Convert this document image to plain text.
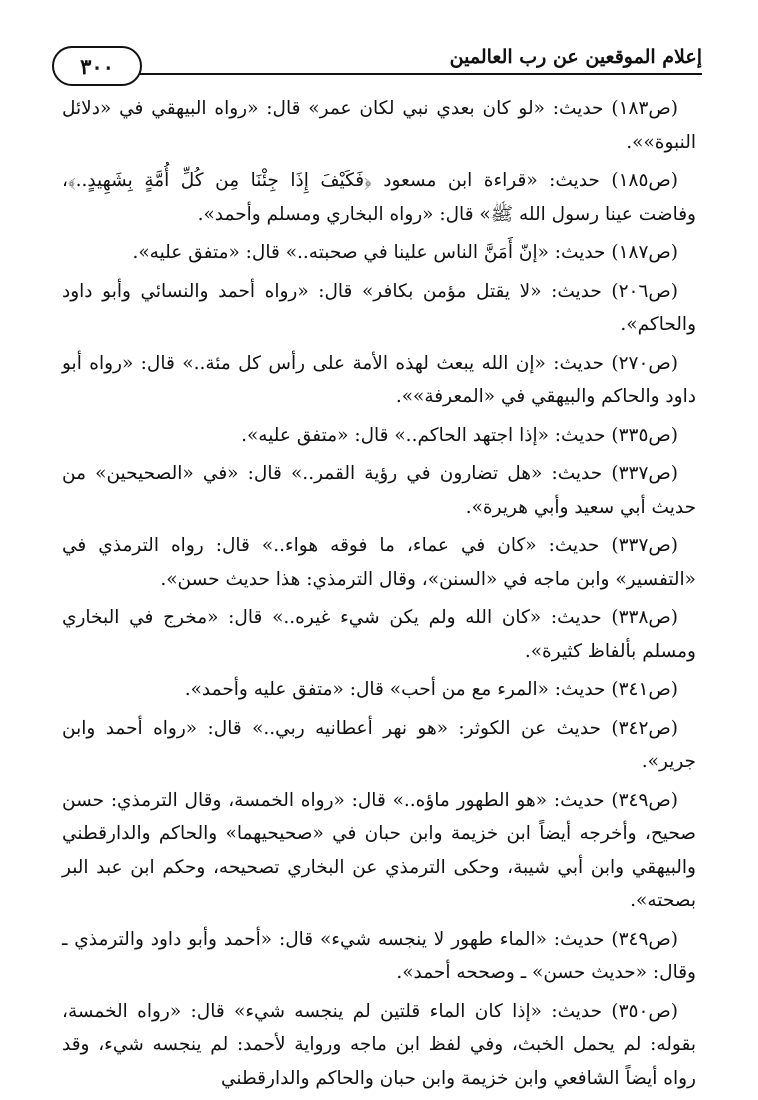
٣٠٠	إعلام الموقعين عن رب العالمين

(ص١٨٣) حديث: «لو كان بعدي نبي لكان عمر» قال: «رواه البيهقي في «دلائل النبوة»».

(ص١٨٥) حديث: «قراءة ابن مسعود ﴿فَكَيْفَ إِذَا جِئْنَا مِن كُلِّ أُمَّةٍ بِشَهِيدٍ..﴾، وفاضت عينا رسول الله ﷺ» قال: «رواه البخاري ومسلم وأحمد».

(ص١٨٧) حديث: «إنّ أَمَنَّ الناس علينا في صحبته..» قال: «متفق عليه».

(ص٢٠٦) حديث: «لا يقتل مؤمن بكافر» قال: «رواه أحمد والنسائي وأبو داود والحاكم».

(ص٢٧٠) حديث: «إن الله يبعث لهذه الأمة على رأس كل مئة..» قال: «رواه أبو داود والحاكم والبيهقي في «المعرفة»».

(ص٣٣٥) حديث: «إذا اجتهد الحاكم..» قال: «متفق عليه».

(ص٣٣٧) حديث: «هل تضارون في رؤية القمر..» قال: «في «الصحيحين» من حديث أبي سعيد وأبي هريرة».

(ص٣٣٧) حديث: «كان في عماء، ما فوقه هواء..» قال: رواه الترمذي في «التفسير» وابن ماجه في «السنن»، وقال الترمذي: هذا حديث حسن».

(ص٣٣٨) حديث: «كان الله ولم يكن شيء غيره..» قال: «مخرج في البخاري ومسلم بألفاظ كثيرة».

(ص٣٤١) حديث: «المرء مع من أحب» قال: «متفق عليه وأحمد».

(ص٣٤٢) حديث عن الكوثر: «هو نهر أعطانيه ربي..» قال: «رواه أحمد وابن جرير».

(ص٣٤٩) حديث: «هو الطهور ماؤه..» قال: «رواه الخمسة، وقال الترمذي: حسن صحيح، وأخرجه أيضاً ابن خزيمة وابن حبان في «صحيحيهما» والحاكم والدارقطني والبيهقي وابن أبي شيبة، وحكى الترمذي عن البخاري تصحيحه، وحكم ابن عبد البر بصحته».

(ص٣٤٩) حديث: «الماء طهور لا ينجسه شيء» قال: «أحمد وأبو داود والترمذي ـ وقال: «حديث حسن» ـ وصححه أحمد».

(ص٣٥٠) حديث: «إذا كان الماء قلتين لم ينجسه شيء» قال: «رواه الخمسة، بقوله: لم يحمل الخبث، وفي لفظ ابن ماجه ورواية لأحمد: لم ينجسه شيء، وقد رواه أيضاً الشافعي وابن خزيمة وابن حبان والحاكم والدارقطني
